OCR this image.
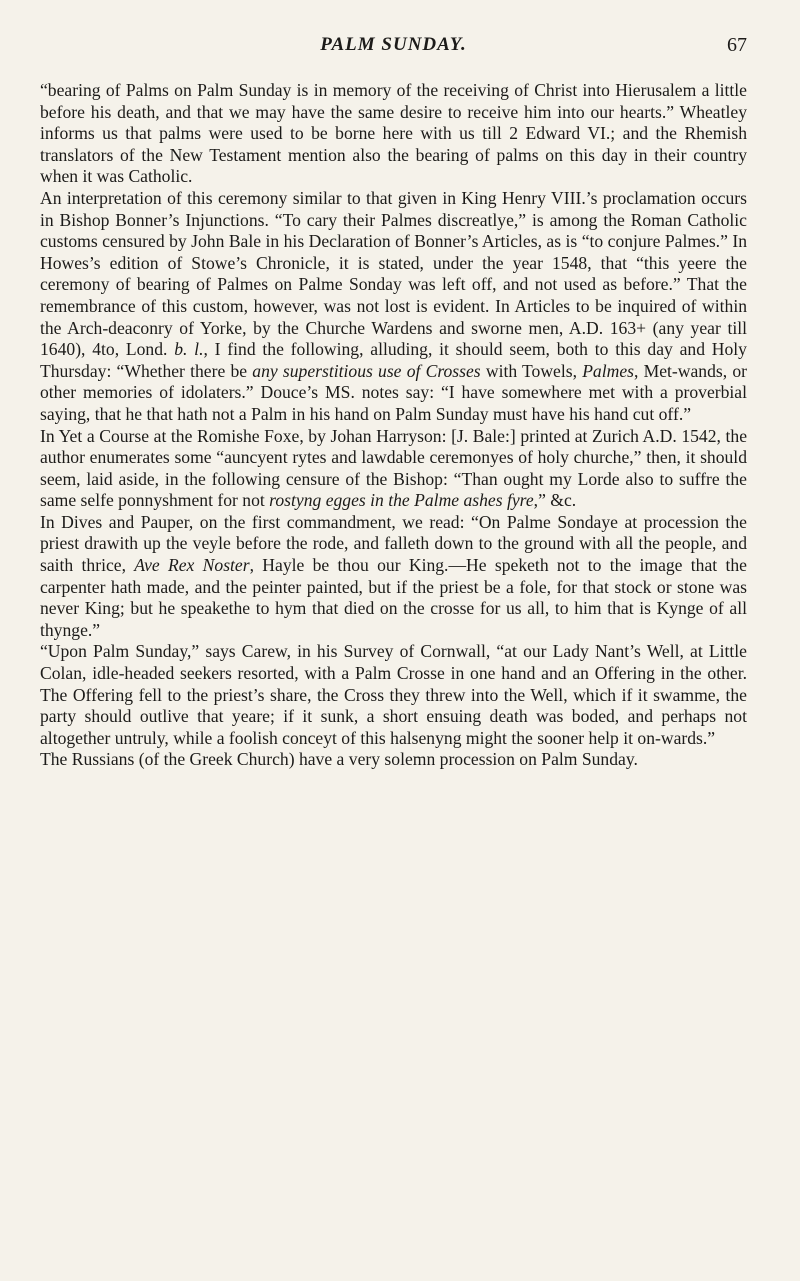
PALM SUNDAY.	67

“bearing of Palms on Palm Sunday is in memory of the receiving of Christ into Hierusalem a little before his death, and that we may have the same desire to receive him into our hearts.” Wheatley informs us that palms were used to be borne here with us till 2 Edward VI.; and the Rhemish translators of the New Testament mention also the bearing of palms on this day in their country when it was Catholic.

An interpretation of this ceremony similar to that given in King Henry VIII.’s proclamation occurs in Bishop Bonner’s Injunctions. “To cary their Palmes discreatlye,” is among the Roman Catholic customs censured by John Bale in his Declaration of Bonner’s Articles, as is “to conjure Palmes.” In Howes’s edition of Stowe’s Chronicle, it is stated, under the year 1548, that “this yeere the ceremony of bearing of Palmes on Palme Sonday was left off, and not used as before.” That the remembrance of this custom, however, was not lost is evident. In Articles to be inquired of within the Arch-deaconry of Yorke, by the Churche Wardens and sworne men, A.D. 163+ (any year till 1640), 4to, Lond. b. l., I find the following, alluding, it should seem, both to this day and Holy Thursday: “Whether there be any superstitious use of Crosses with Towels, Palmes, Met-wands, or other memories of idolaters.” Douce’s MS. notes say: “I have somewhere met with a proverbial saying, that he that hath not a Palm in his hand on Palm Sunday must have his hand cut off.”

In Yet a Course at the Romishe Foxe, by Johan Harryson: [J. Bale:] printed at Zurich A.D. 1542, the author enumerates some “auncyent rytes and lawdable ceremonyes of holy churche,” then, it should seem, laid aside, in the following censure of the Bishop: “Than ought my Lorde also to suffre the same selfe ponnyshment for not rostyng egges in the Palme ashes fyre,” &c.

In Dives and Pauper, on the first commandment, we read: “On Palme Sondaye at procession the priest drawith up the veyle before the rode, and falleth down to the ground with all the people, and saith thrice, Ave Rex Noster, Hayle be thou our King.—He speketh not to the image that the carpenter hath made, and the peinter painted, but if the priest be a fole, for that stock or stone was never King; but he speakethe to hym that died on the crosse for us all, to him that is Kynge of all thynge.”

“Upon Palm Sunday,” says Carew, in his Survey of Cornwall, “at our Lady Nant’s Well, at Little Colan, idle-headed seekers resorted, with a Palm Crosse in one hand and an Offering in the other. The Offering fell to the priest’s share, the Cross they threw into the Well, which if it swamme, the party should outlive that yeare; if it sunk, a short ensuing death was boded, and perhaps not altogether untruly, while a foolish conceyt of this halsenyng might the sooner help it on-wards.”

The Russians (of the Greek Church) have a very solemn procession on Palm Sunday.
